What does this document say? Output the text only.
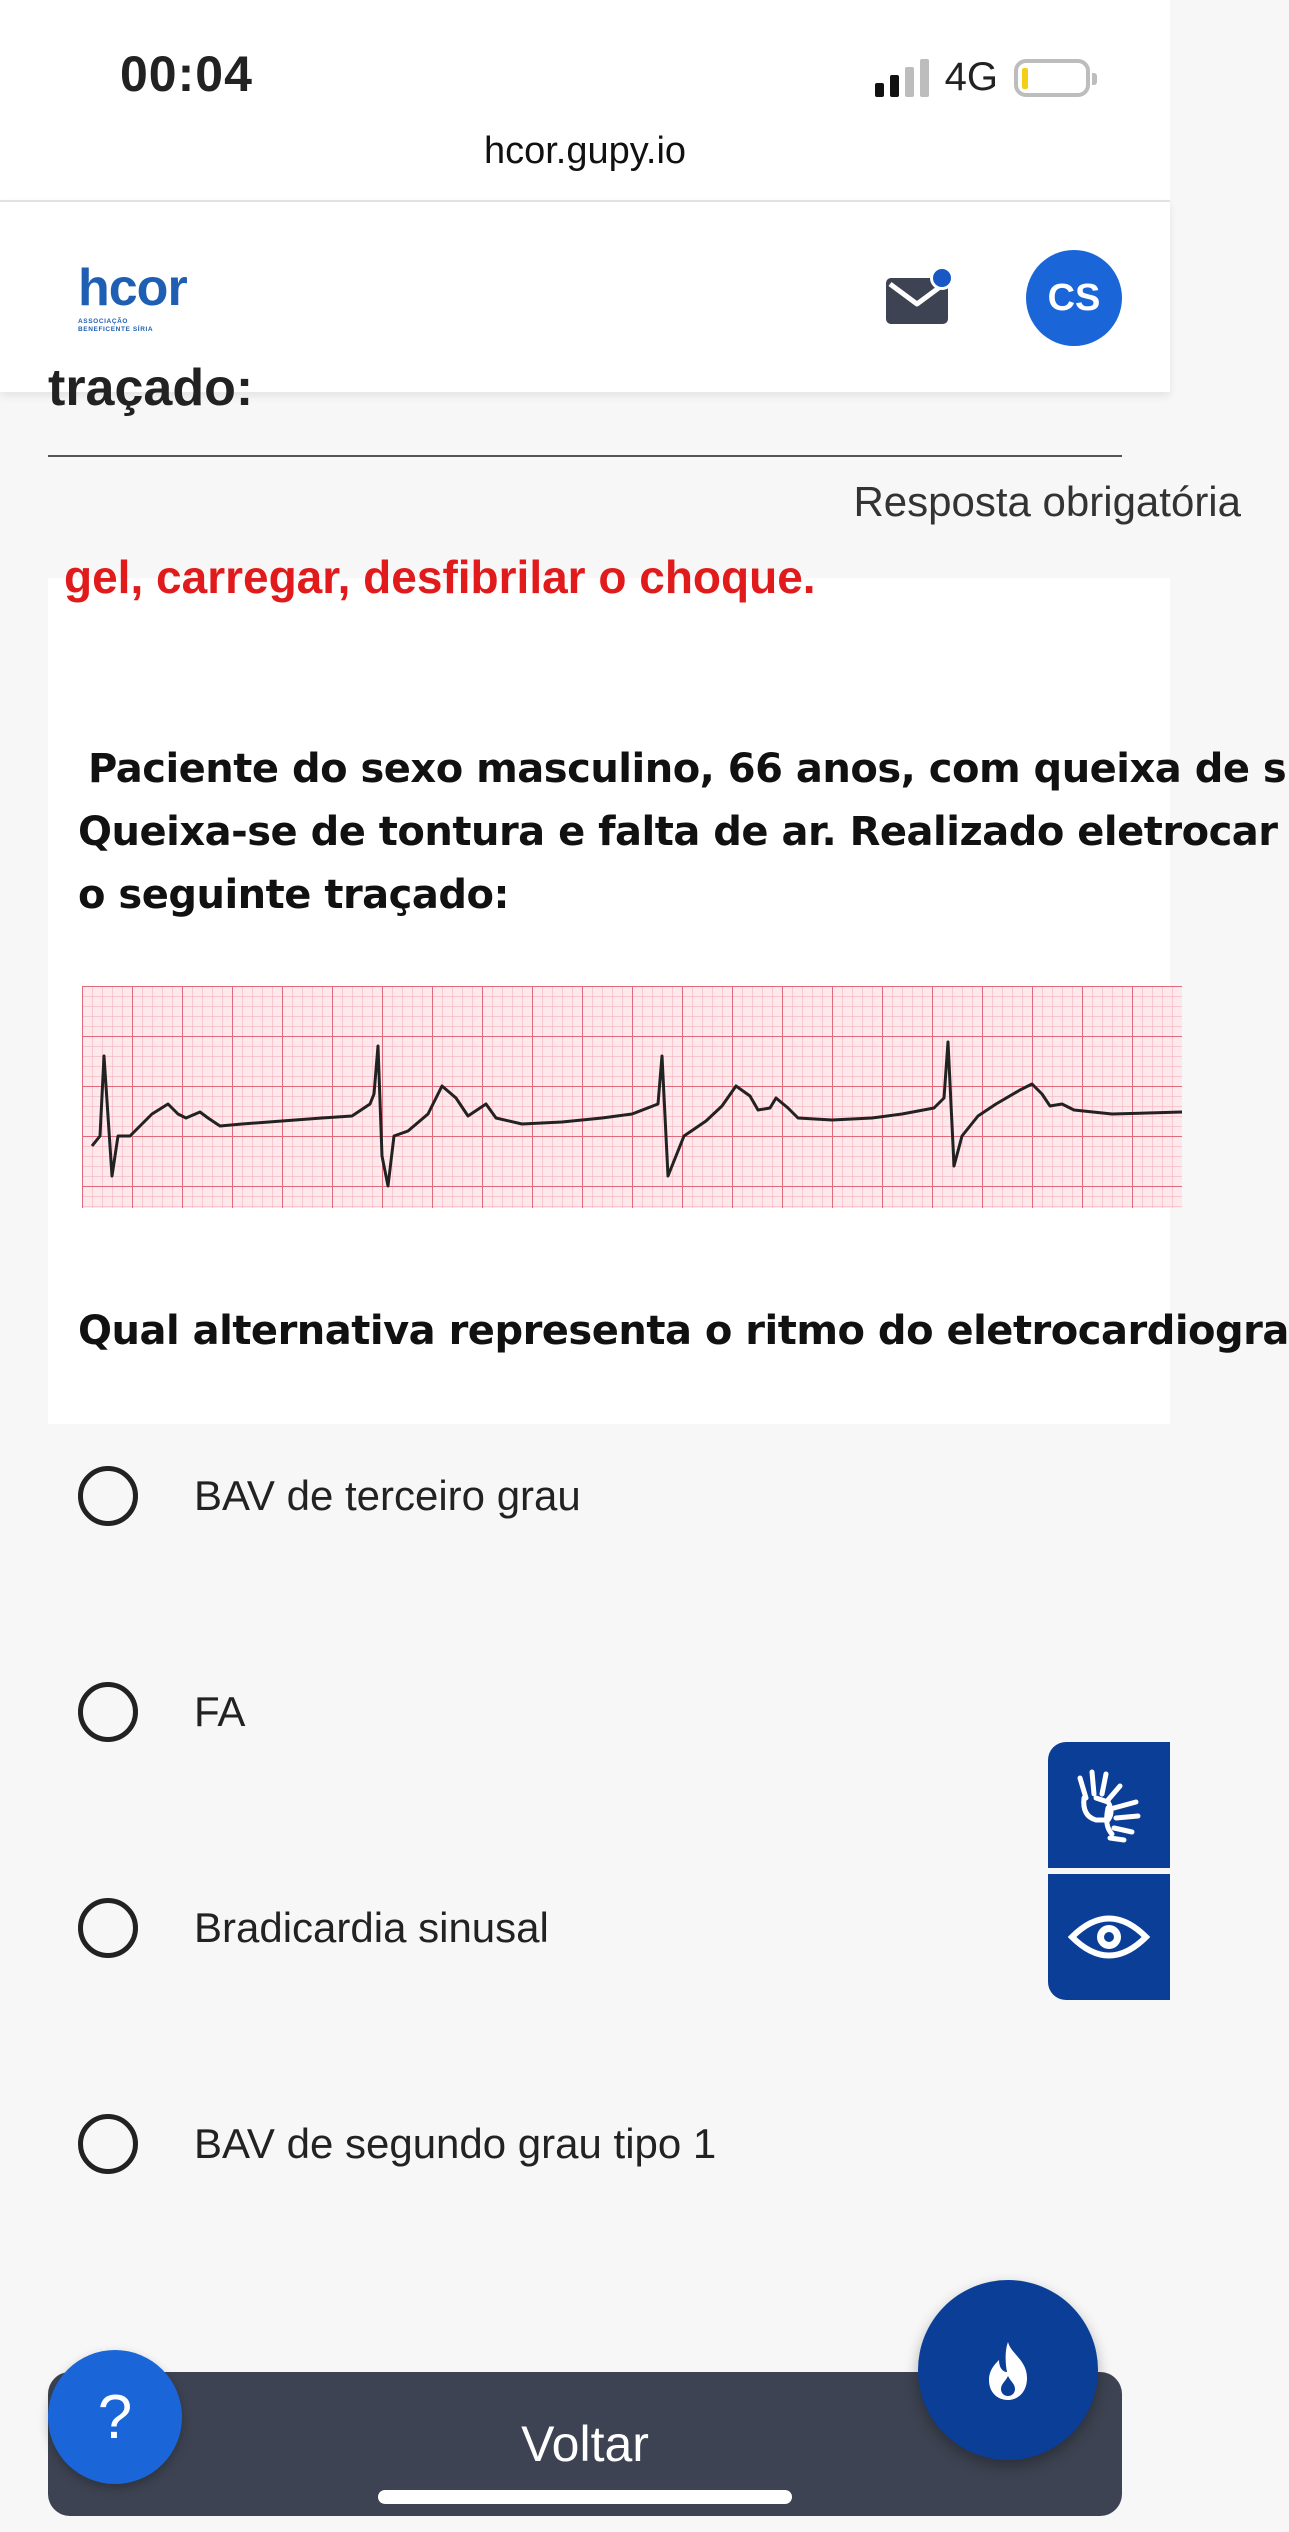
00:04	4G
hcor.gupy.io
hcor
ASSOCIAÇÃO
BENEFICENTE SÍRIA
CS
traçado:
Resposta obrigatória
gel, carregar, desfibrilar o choque.
Paciente do sexo masculino, 66 anos, com queixa de s
Queixa-se de tontura e falta de ar. Realizado eletrocar
o seguinte traçado:
Qual alternativa representa o ritmo do eletrocardiogra
BAV de terceiro grau
FA
Bradicardia sinusal
BAV de segundo grau tipo 1
Voltar
?
